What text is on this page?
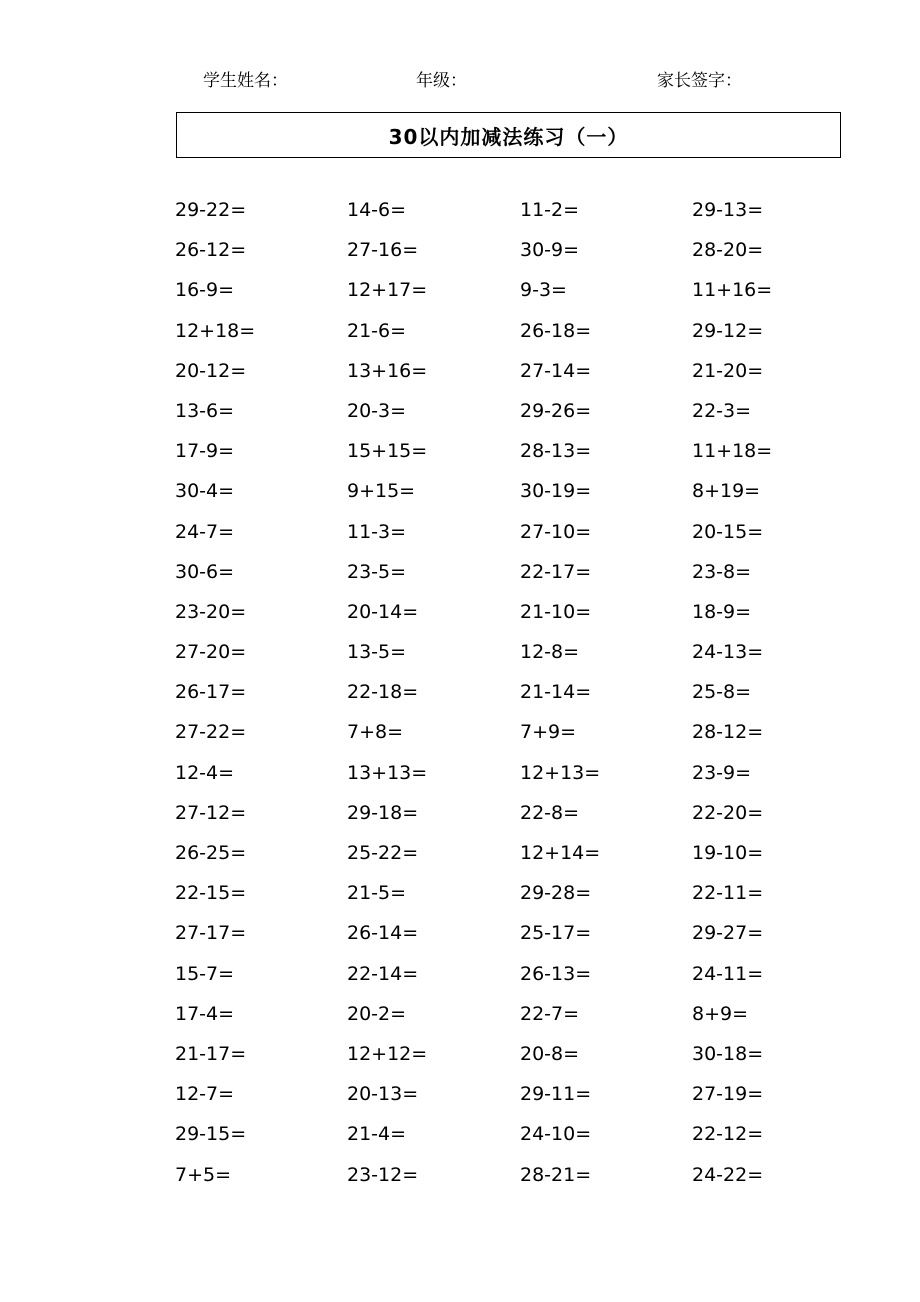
学生姓名：	年级：	家长签字：
30以内加减法练习（一）
29-22=	14-6=	11-2=	29-13=
26-12=	27-16=	30-9=	28-20=
16-9=	12+17=	9-3=	11+16=
12+18=	21-6=	26-18=	29-12=
20-12=	13+16=	27-14=	21-20=
13-6=	20-3=	29-26=	22-3=
17-9=	15+15=	28-13=	11+18=
30-4=	9+15=	30-19=	8+19=
24-7=	11-3=	27-10=	20-15=
30-6=	23-5=	22-17=	23-8=
23-20=	20-14=	21-10=	18-9=
27-20=	13-5=	12-8=	24-13=
26-17=	22-18=	21-14=	25-8=
27-22=	7+8=	7+9=	28-12=
12-4=	13+13=	12+13=	23-9=
27-12=	29-18=	22-8=	22-20=
26-25=	25-22=	12+14=	19-10=
22-15=	21-5=	29-28=	22-11=
27-17=	26-14=	25-17=	29-27=
15-7=	22-14=	26-13=	24-11=
17-4=	20-2=	22-7=	8+9=
21-17=	12+12=	20-8=	30-18=
12-7=	20-13=	29-11=	27-19=
29-15=	21-4=	24-10=	22-12=
7+5=	23-12=	28-21=	24-22=
